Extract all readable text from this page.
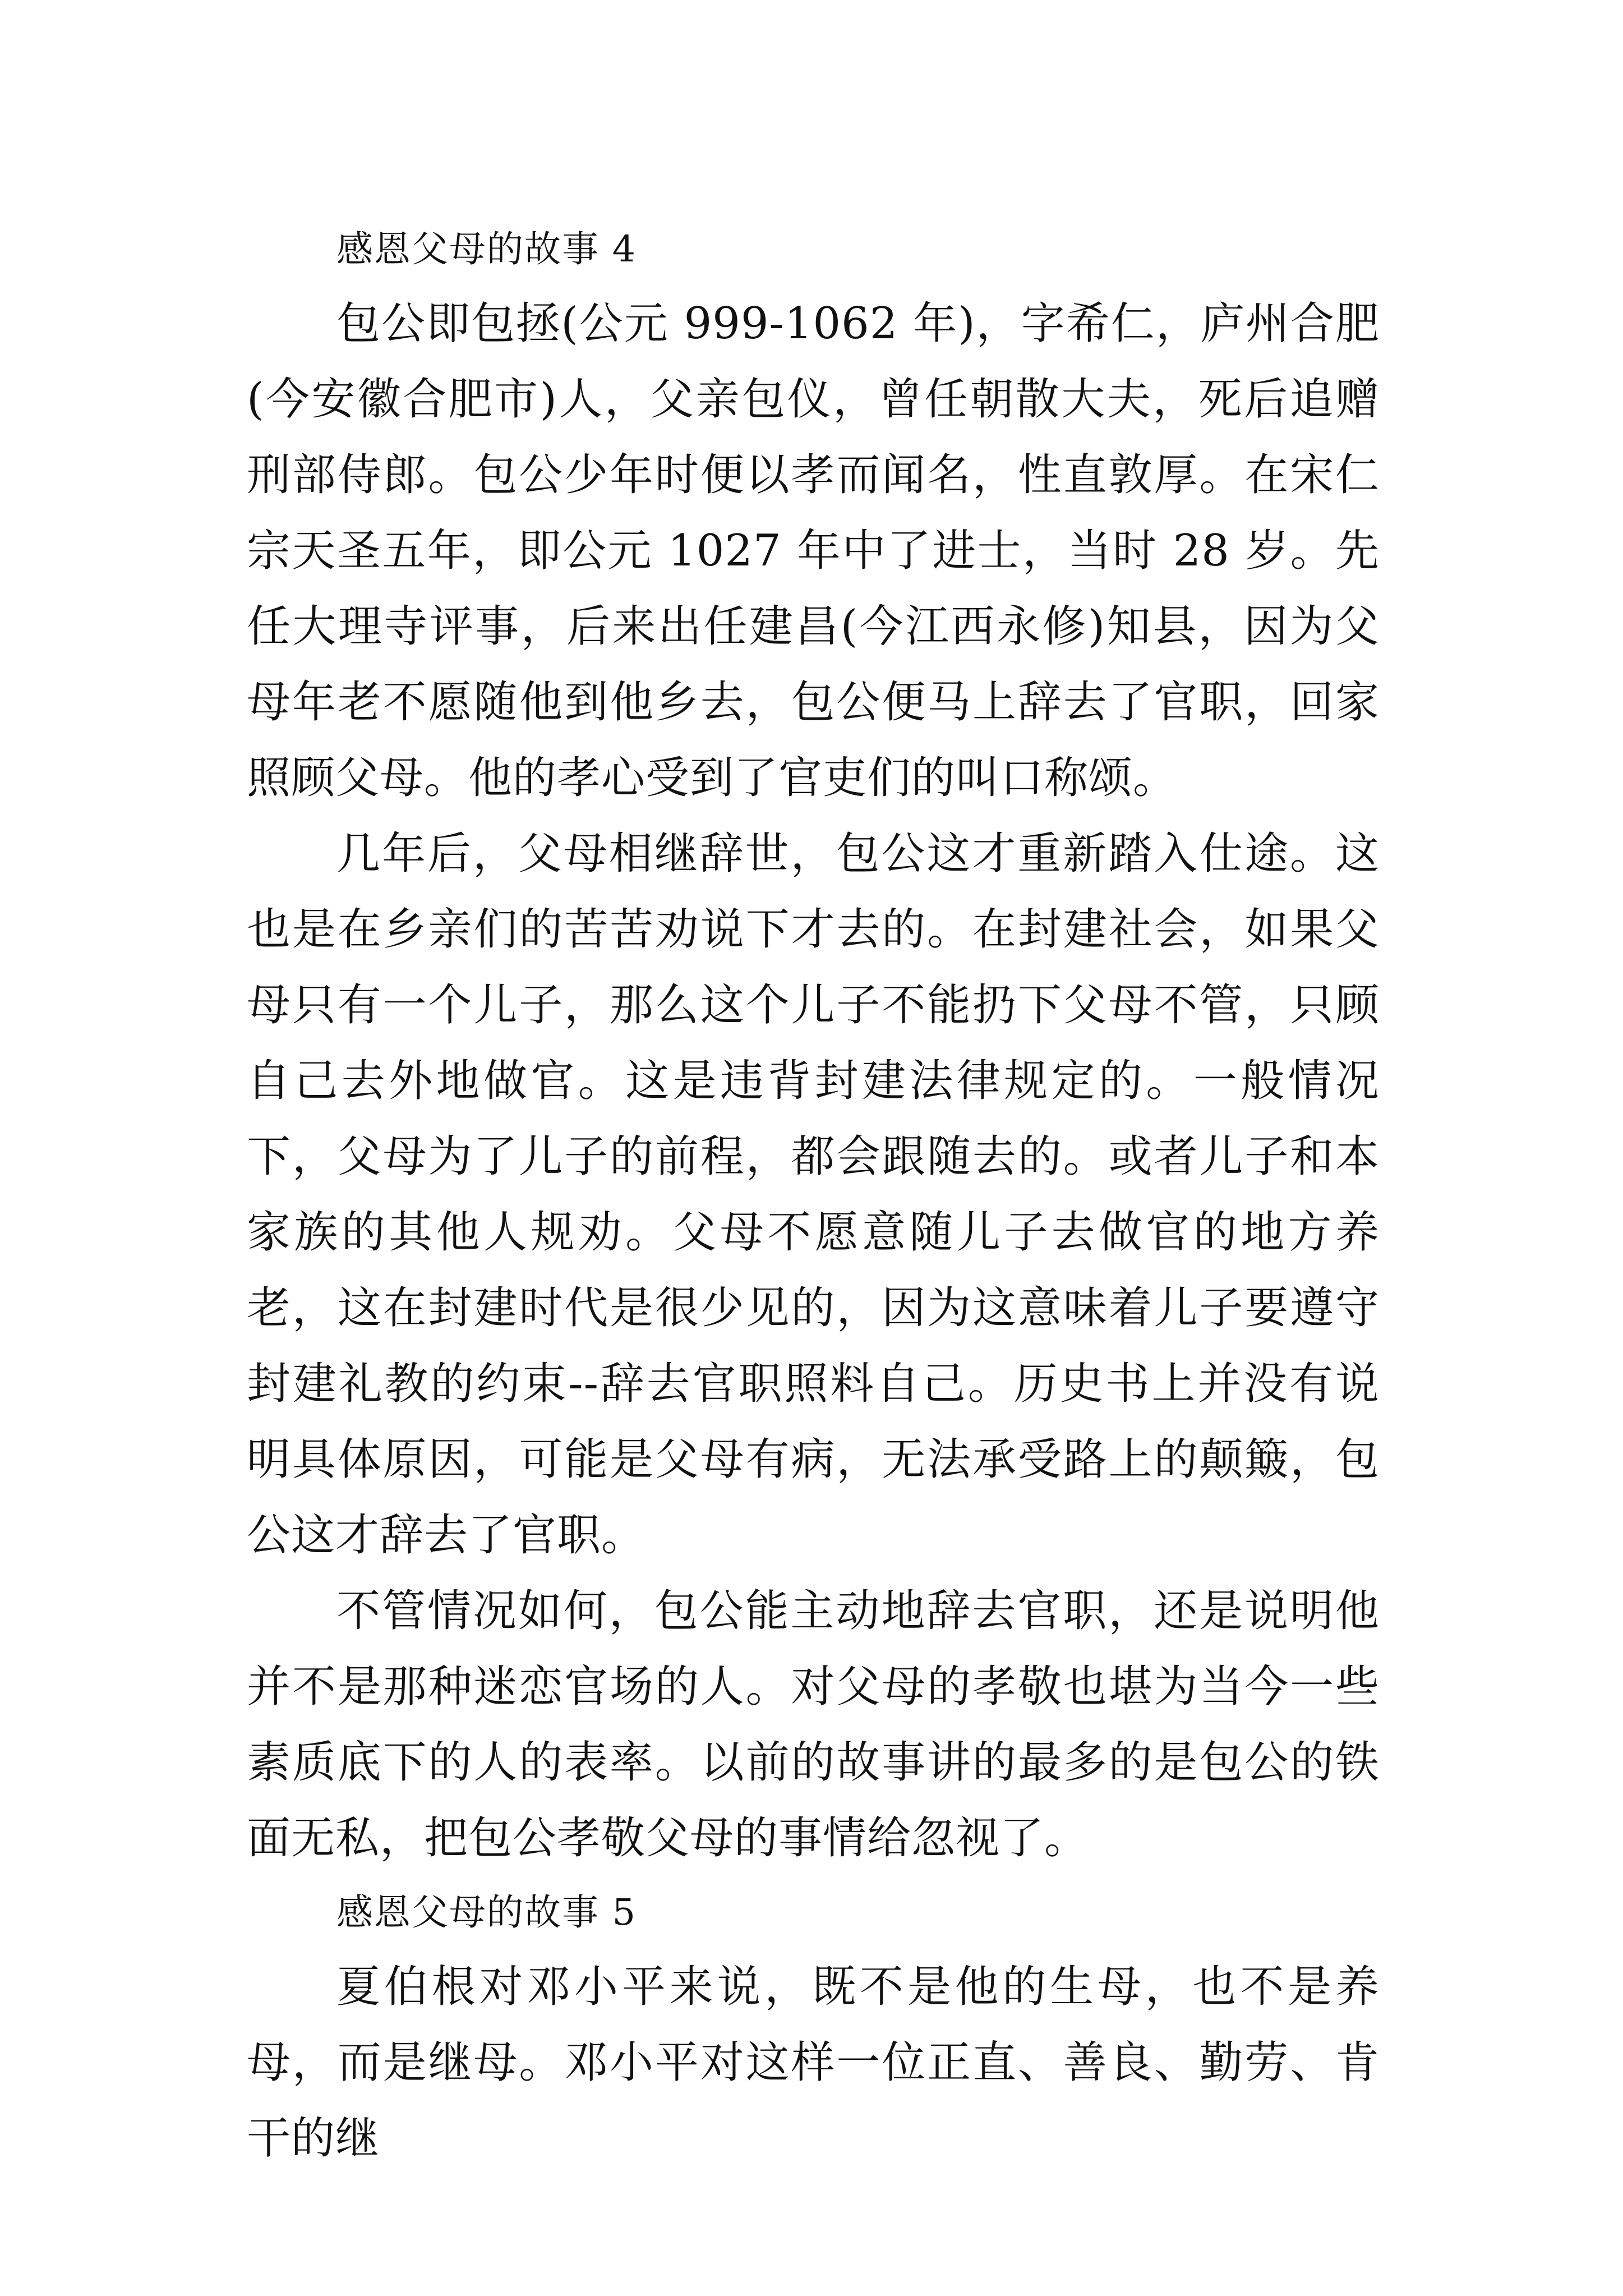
感恩父母的故事 4

包公即包拯(公元 999-1062 年)，字希仁，庐州合肥(今安徽合肥市)人，父亲包仪，曾任朝散大夫，死后追赠刑部侍郎。包公少年时便以孝而闻名，性直敦厚。在宋仁宗天圣五年，即公元 1027 年中了进士，当时 28 岁。先任大理寺评事，后来出任建昌(今江西永修)知县，因为父母年老不愿随他到他乡去，包公便马上辞去了官职，回家照顾父母。他的孝心受到了官吏们的叫口称颂。

几年后，父母相继辞世，包公这才重新踏入仕途。这也是在乡亲们的苦苦劝说下才去的。在封建社会，如果父母只有一个儿子，那么这个儿子不能扔下父母不管，只顾自己去外地做官。这是违背封建法律规定的。一般情况下，父母为了儿子的前程，都会跟随去的。或者儿子和本家族的其他人规劝。父母不愿意随儿子去做官的地方养老，这在封建时代是很少见的，因为这意味着儿子要遵守封建礼教的约束--辞去官职照料自己。历史书上并没有说明具体原因，可能是父母有病，无法承受路上的颠簸，包公这才辞去了官职。

不管情况如何，包公能主动地辞去官职，还是说明他并不是那种迷恋官场的人。对父母的孝敬也堪为当今一些素质底下的人的表率。以前的故事讲的最多的是包公的铁面无私，把包公孝敬父母的事情给忽视了。

感恩父母的故事 5

夏伯根对邓小平来说，既不是他的生母，也不是养母，而是继母。邓小平对这样一位正直、善良、勤劳、肯干的继
